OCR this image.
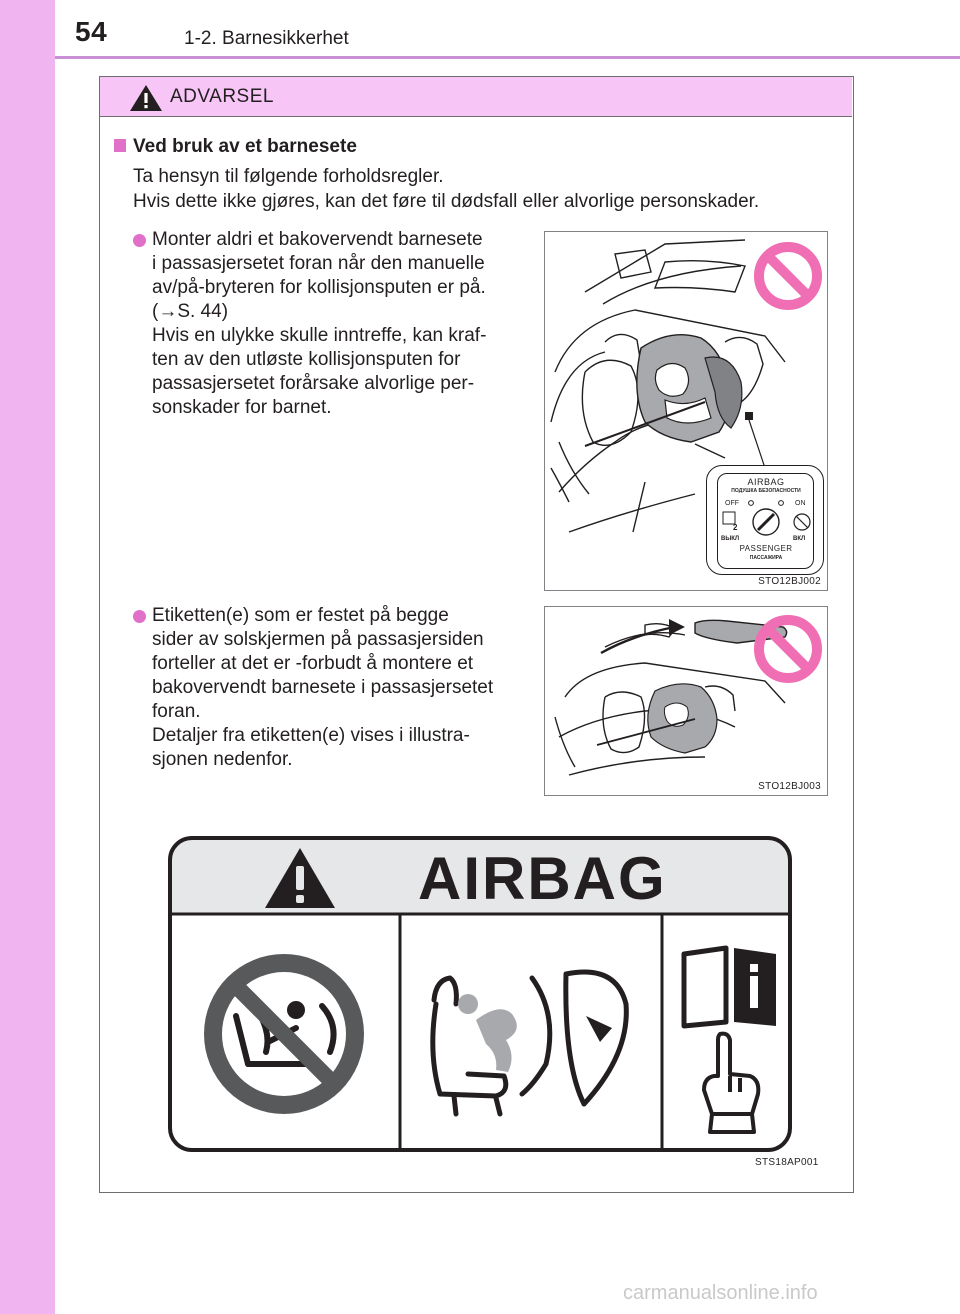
54	1-2. Barnesikkerhet
ADVARSEL
Ved bruk av et barnesete
Ta hensyn til følgende forholdsregler.
Hvis dette ikke gjøres, kan det føre til dødsfall eller alvorlige personskader.
Monter aldri et bakovervendt barnesete
i passasjersetet foran når den manuelle
av/på-bryteren for kollisjonsputen er på.
(→S. 44)
Hvis en ulykke skulle inntreffe, kan kraf-
ten av den utløste kollisjonsputen for
passasjersetet forårsake alvorlige per-
sonskader for barnet.
AIRBAG
ПОДУШКА БЕЗОПАСНОСТИ
OFF	ON
2
ВЫКЛ	ВКЛ
PASSENGER
ПАССАЖИРА
STO12BJ002
Etiketten(e) som er festet på begge
sider av solskjermen på passasjersiden
forteller at det er -forbudt å montere et
bakovervendt barnesete i passasjersetet
foran.
Detaljer fra etiketten(e) vises i illustra-
sjonen nedenfor.
STO12BJ003
AIRBAG
STS18AP001
carmanualsonline.info
